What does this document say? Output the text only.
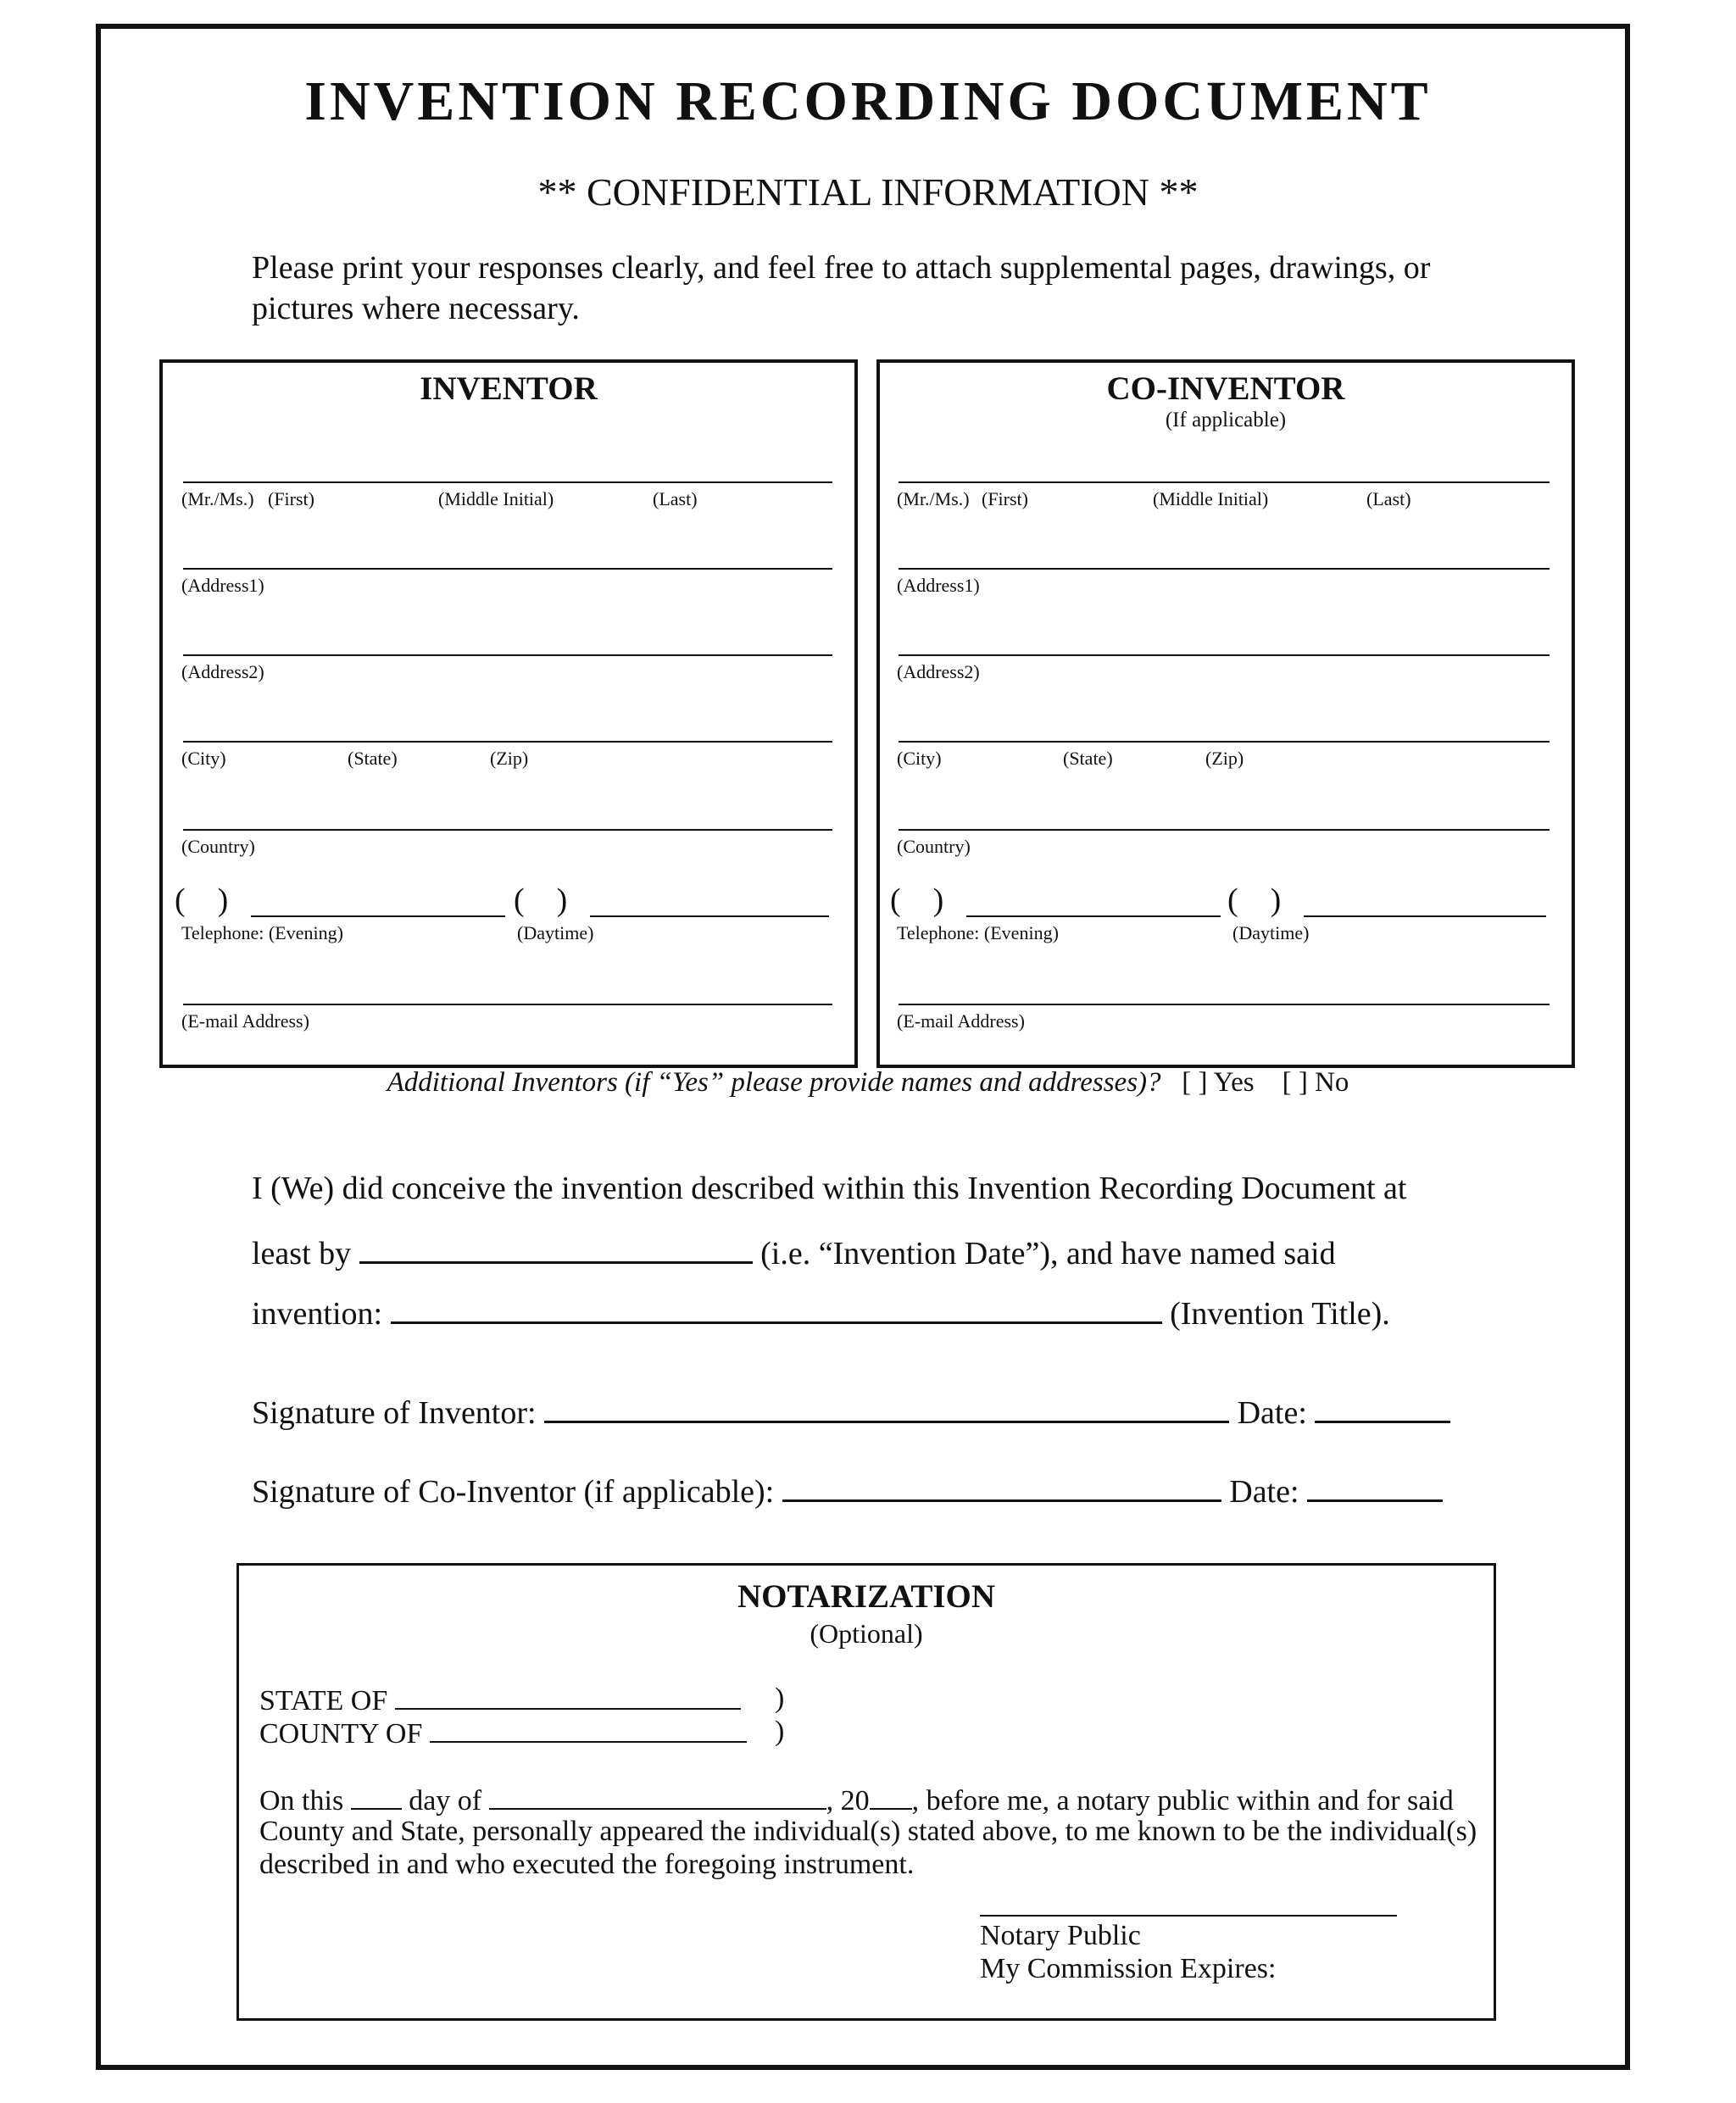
INVENTION RECORDING DOCUMENT
** CONFIDENTIAL INFORMATION **
Please print your responses clearly, and feel free to attach supplemental pages, drawings, or pictures where necessary.
INVENTOR
(Mr./Ms.) (First)	(Middle Initial)	(Last)
(Address1)
(Address2)
(City)	(State)	(Zip)
(Country)
(    )	(    )
Telephone: (Evening)	(Daytime)
(E-mail Address)
CO-INVENTOR
(If applicable)
(Mr./Ms.) (First)	(Middle Initial)	(Last)
(Address1)
(Address2)
(City)	(State)	(Zip)
(Country)
(    )	(    )
Telephone: (Evening)	(Daytime)
(E-mail Address)
Additional Inventors (if “Yes” please provide names and addresses)? [ ] Yes [ ] No
I (We) did conceive the invention described within this Invention Recording Document at
least by	(i.e. “Invention Date”), and have named said
invention:	(Invention Title).
Signature of Inventor:	Date:
Signature of Co-Inventor (if applicable):	Date:
NOTARIZATION
(Optional)
STATE OF	)
COUNTY OF	)
On this day of	, 20 , before me, a notary public within and for said
County and State, personally appeared the individual(s) stated above, to me known to be the individual(s)
described in and who executed the foregoing instrument.
Notary Public
My Commission Expires:
